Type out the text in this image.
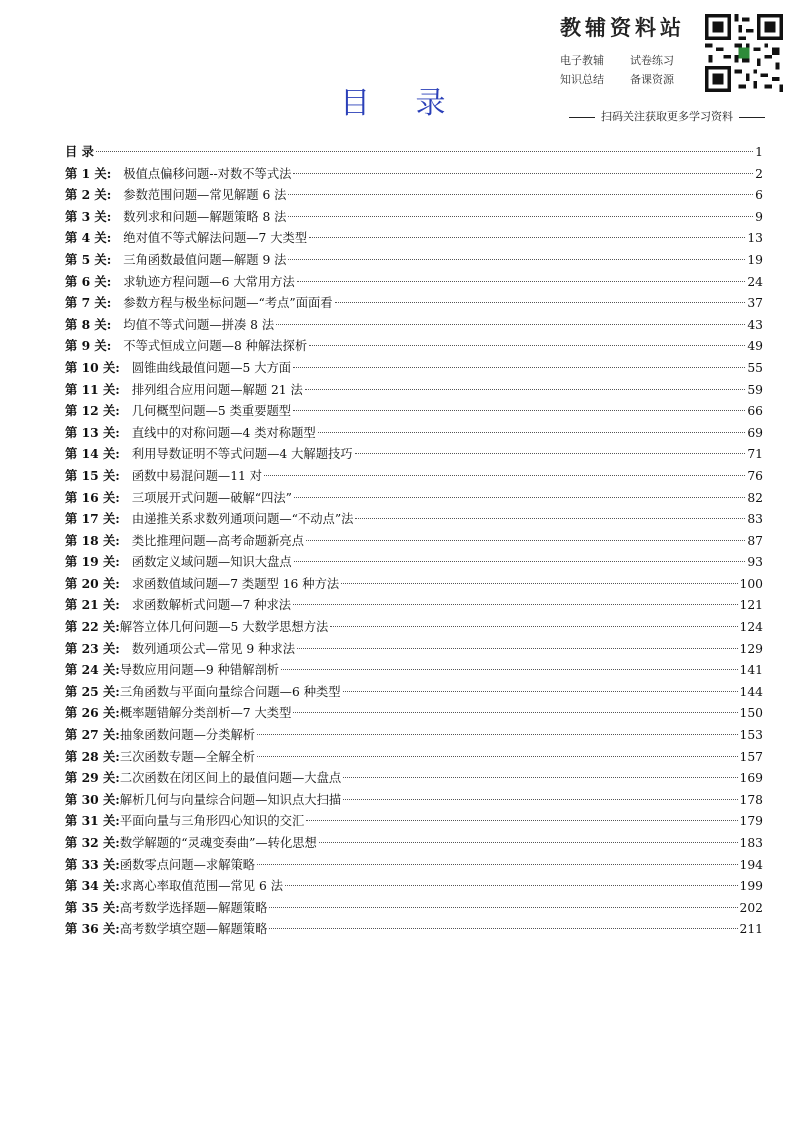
教辅资料站
电子教辅	试卷练习
知识总结	备课资源
扫码关注获取更多学习资料
目 录
目 录	1
第 1 关: 极值点偏移问题--对数不等式法	2
第 2 关: 参数范围问题—常见解题 6 法	6
第 3 关: 数列求和问题—解题策略 8 法	9
第 4 关: 绝对值不等式解法问题—7 大类型	13
第 5 关: 三角函数最值问题—解题 9 法	19
第 6 关: 求轨迹方程问题—6 大常用方法	24
第 7 关: 参数方程与极坐标问题—“考点”面面看	37
第 8 关: 均值不等式问题—拼凑 8 法	43
第 9 关: 不等式恒成立问题—8 种解法探析	49
第 10 关: 圆锥曲线最值问题—5 大方面	55
第 11 关: 排列组合应用问题—解题 21 法	59
第 12 关: 几何概型问题—5 类重要题型	66
第 13 关: 直线中的对称问题—4 类对称题型	69
第 14 关: 利用导数证明不等式问题—4 大解题技巧	71
第 15 关: 函数中易混问题—11 对	76
第 16 关: 三项展开式问题—破解“四法”	82
第 17 关: 由递推关系求数列通项问题—“不动点”法	83
第 18 关: 类比推理问题—高考命题新亮点	87
第 19 关: 函数定义域问题—知识大盘点	93
第 20 关: 求函数值域问题—7 类题型 16 种方法	100
第 21 关: 求函数解析式问题—7 种求法	121
第 22 关: 解答立体几何问题—5 大数学思想方法	124
第 23 关: 数列通项公式—常见 9 种求法	129
第 24 关: 导数应用问题—9 种错解剖析	141
第 25 关: 三角函数与平面向量综合问题—6 种类型	144
第 26 关: 概率题错解分类剖析—7 大类型	150
第 27 关: 抽象函数问题—分类解析	153
第 28 关: 三次函数专题—全解全析	157
第 29 关: 二次函数在闭区间上的最值问题—大盘点	169
第 30 关: 解析几何与向量综合问题—知识点大扫描	178
第 31 关: 平面向量与三角形四心知识的交汇	179
第 32 关: 数学解题的“灵魂变奏曲”—转化思想	183
第 33 关: 函数零点问题—求解策略	194
第 34 关: 求离心率取值范围—常见 6 法	199
第 35 关: 高考数学选择题—解题策略	202
第 36 关: 高考数学填空题—解题策略	211
